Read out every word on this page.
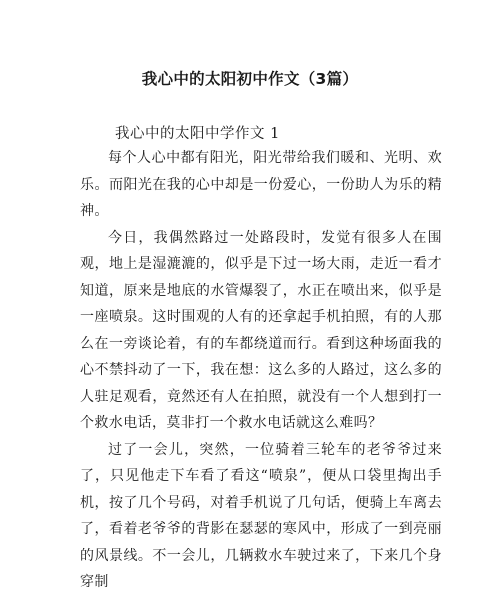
我心中的太阳初中作文（3篇）
我心中的太阳中学作文 1

每个人心中都有阳光，阳光带给我们暖和、光明、欢乐。而阳光在我的心中却是一份爱心，一份助人为乐的精神。

今日，我偶然路过一处路段时，发觉有很多人在围观，地上是湿漉漉的，似乎是下过一场大雨，走近一看才知道，原来是地底的水管爆裂了，水正在喷出来，似乎是一座喷泉。这时围观的人有的还拿起手机拍照，有的人那么在一旁谈论着，有的车都绕道而行。看到这种场面我的心不禁抖动了一下，我在想：这么多的人路过，这么多的人驻足观看，竟然还有人在拍照，就没有一个人想到打一个救水电话，莫非打一个救水电话就这么难吗？

过了一会儿，突然，一位骑着三轮车的老爷爷过来了，只见他走下车看了看这“喷泉”，便从口袋里掏出手机，按了几个号码，对着手机说了几句话，便骑上车离去了，看着老爷爷的背影在瑟瑟的寒风中，形成了一到亮丽的风景线。不一会儿，几辆救水车驶过来了，下来几个身穿制
